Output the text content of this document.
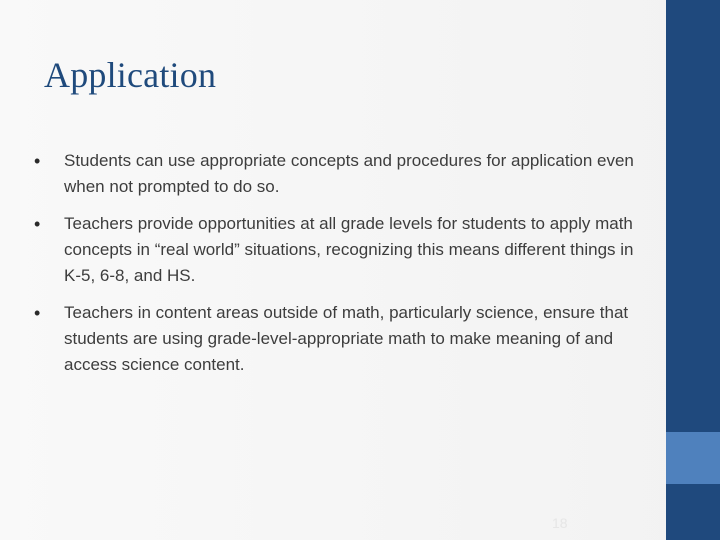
Application
• Students can use appropriate concepts and procedures for application even when not prompted to do so.
• Teachers provide opportunities at all grade levels for students to apply math concepts in “real world” situations, recognizing this means different things in K-5, 6-8, and HS.
• Teachers in content areas outside of math, particularly science, ensure that students are using grade-level-appropriate math to make meaning of and access science content.
18
